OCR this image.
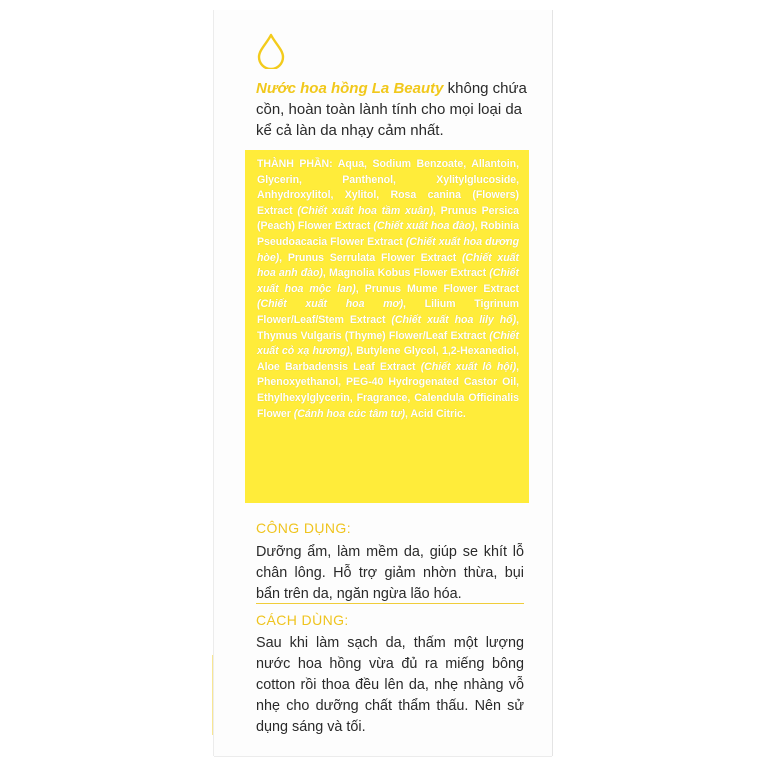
Nước hoa hồng La Beauty không chứa cồn, hoàn toàn lành tính cho mọi loại da kể cả làn da nhạy cảm nhất.
THÀNH PHẦN: Aqua, Sodium Benzoate, Allantoin, Glycerin, Panthenol, Xylitylglucoside, Anhydroxylitol, Xylitol, Rosa canina (Flowers) Extract (Chiết xuất hoa tầm xuân), Prunus Persica (Peach) Flower Extract (Chiết xuất hoa đào), Robinia Pseudoacacia Flower Extract (Chiết xuất hoa dương hòe), Prunus Serrulata Flower Extract (Chiết xuất hoa anh đào), Magnolia Kobus Flower Extract (Chiết xuất hoa mộc lan), Prunus Mume Flower Extract (Chiết xuất hoa mơ), Lilium Tigrinum Flower/Leaf/Stem Extract (Chiết xuất hoa lily hổ), Thymus Vulgaris (Thyme) Flower/Leaf Extract (Chiết xuất cỏ xạ hương), Butylene Glycol, 1,2-Hexanediol, Aloe Barbadensis Leaf Extract (Chiết xuất lô hội), Phenoxyethanol, PEG-40 Hydrogenated Castor Oil, Ethylhexylglycerin, Fragrance, Calendula Officinalis Flower (Cánh hoa cúc tâm tư), Acid Citric.
CÔNG DỤNG:
Dưỡng ẩm, làm mềm da, giúp se khít lỗ chân lông. Hỗ trợ giảm nhờn thừa, bụi bẩn trên da, ngăn ngừa lão hóa.
CÁCH DÙNG:
Sau khi làm sạch da, thấm một lượng nước hoa hồng vừa đủ ra miếng bông cotton rồi thoa đều lên da, nhẹ nhàng vỗ nhẹ cho dưỡng chất thẩm thấu. Nên sử dụng sáng và tối.
